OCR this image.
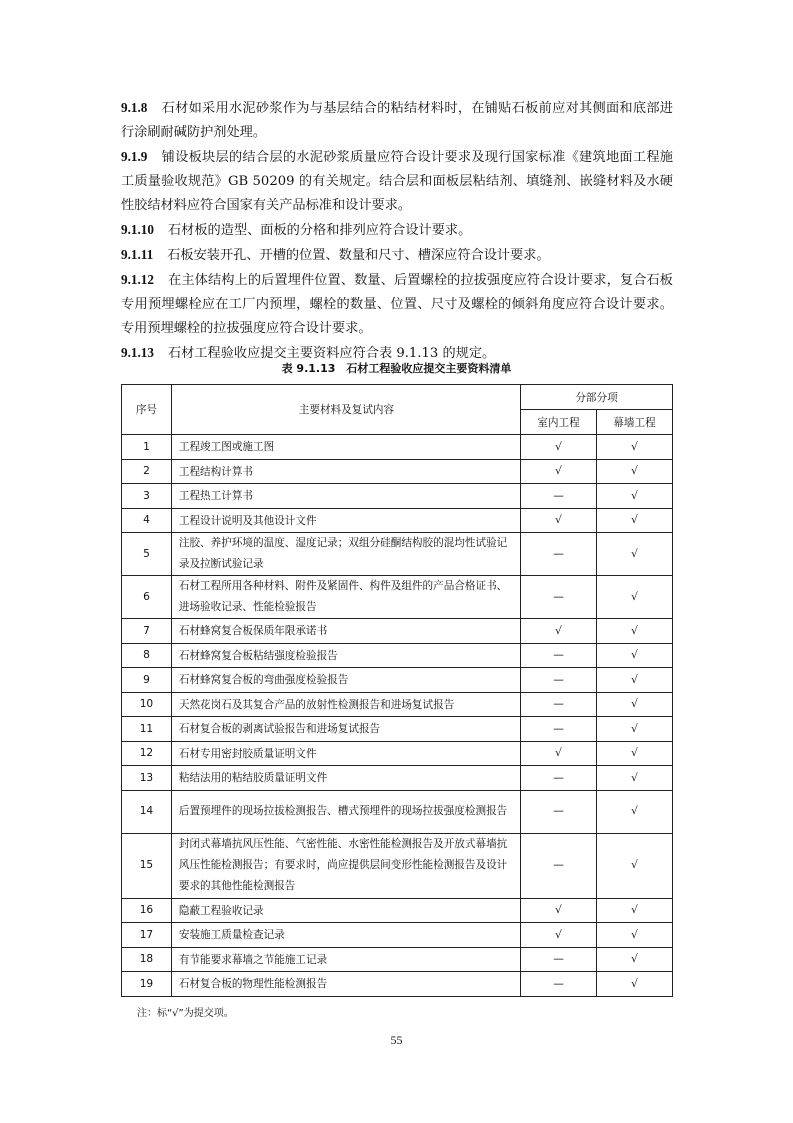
9.1.8 石材如采用水泥砂浆作为与基层结合的粘结材料时，在铺贴石板前应对其侧面和底部进行涂刷耐碱防护剂处理。

9.1.9 铺设板块层的结合层的水泥砂浆质量应符合设计要求及现行国家标准《建筑地面工程施工质量验收规范》GB 50209 的有关规定。结合层和面板层粘结剂、填缝剂、嵌缝材料及水硬性胶结材料应符合国家有关产品标准和设计要求。

9.1.10 石材板的造型、面板的分格和排列应符合设计要求。

9.1.11 石板安装开孔、开槽的位置、数量和尺寸、槽深应符合设计要求。

9.1.12 在主体结构上的后置埋件位置、数量、后置螺栓的拉拔强度应符合设计要求，复合石板专用预埋螺栓应在工厂内预埋，螺栓的数量、位置、尺寸及螺栓的倾斜角度应符合设计要求。专用预埋螺栓的拉拔强度应符合设计要求。

9.1.13 石材工程验收应提交主要资料应符合表 9.1.13 的规定。

表 9.1.13　石材工程验收应提交主要资料清单
序号	主要材料及复试内容	分部分项	
		室内工程	幕墙工程
1	工程竣工图或施工图	√	√
2	工程结构计算书	√	√
3	工程热工计算书	—	√
4	工程设计说明及其他设计文件	√	√
5	注胶、养护环境的温度、湿度记录；双组分硅酮结构胶的混均性试验记录及拉断试验记录	—	√
6	石材工程所用各种材料、附件及紧固件、构件及组件的产品合格证书、进场验收记录、性能检验报告	—	√
7	石材蜂窝复合板保质年限承诺书	√	√
8	石材蜂窝复合板粘结强度检验报告	—	√
9	石材蜂窝复合板的弯曲强度检验报告	—	√
10	天然花岗石及其复合产品的放射性检测报告和进场复试报告	—	√
11	石材复合板的剥离试验报告和进场复试报告	—	√
12	石材专用密封胶质量证明文件	√	√
13	粘结法用的粘结胶质量证明文件	—	√
14	后置预埋件的现场拉拔检测报告、槽式预埋件的现场拉拔强度检测报告	—	√
15	封闭式幕墙抗风压性能、气密性能、水密性能检测报告及开放式幕墙抗风压性能检测报告；有要求时，尚应提供层间变形性能检测报告及设计要求的其他性能检测报告	—	√
16	隐蔽工程验收记录	√	√
17	安装施工质量检查记录	√	√
18	有节能要求幕墙之节能施工记录	—	√
19	石材复合板的物理性能检测报告	—	√
注：标“√”为提交项。
55
